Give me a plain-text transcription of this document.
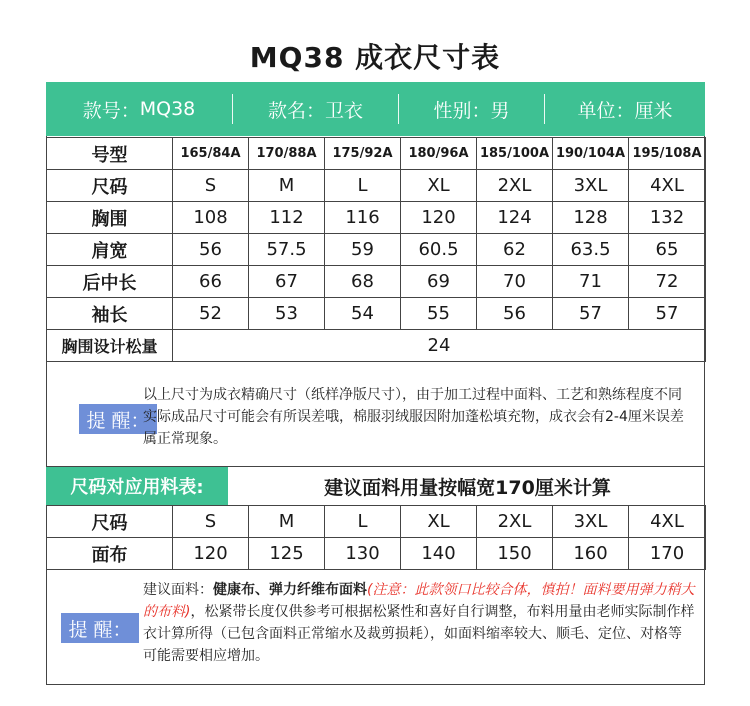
MQ38 成衣尺寸表
款号： MQ38	款名： 卫衣	性别： 男	单位： 厘米
号型	165/84A	170/88A	175/92A	180/96A	185/100A	190/104A	195/108A
尺码	S	M	L	XL	2XL	3XL	4XL
胸围	108	112	116	120	124	128	132
肩宽	56	57.5	59	60.5	62	63.5	65
后中长	66	67	68	69	70	71	72
袖长	52	53	54	55	56	57	57
胸围设计松量	24						
提 醒：
以上尺寸为成衣精确尺寸（纸样净版尺寸），由于加工过程中面料、工艺和熟练程度不同实际成品尺寸可能会有所误差哦，棉服羽绒服因附加蓬松填充物，成衣会有2-4厘米误差属正常现象。
尺码对应用料表:	建议面料用量按幅宽170厘米计算
尺码	S	M	L	XL	2XL	3XL	4XL
面布	120	125	130	140	150	160	170
提 醒：
建议面料：健康布、弹力纤维布面料(注意：此款领口比较合体，慎拍！面料要用弹力稍大的布料)，松紧带长度仅供参考可根据松紧性和喜好自行调整，布料用量由老师实际制作样衣计算所得（已包含面料正常缩水及裁剪损耗），如面料缩率较大、顺毛、定位、对格等可能需要相应增加。
